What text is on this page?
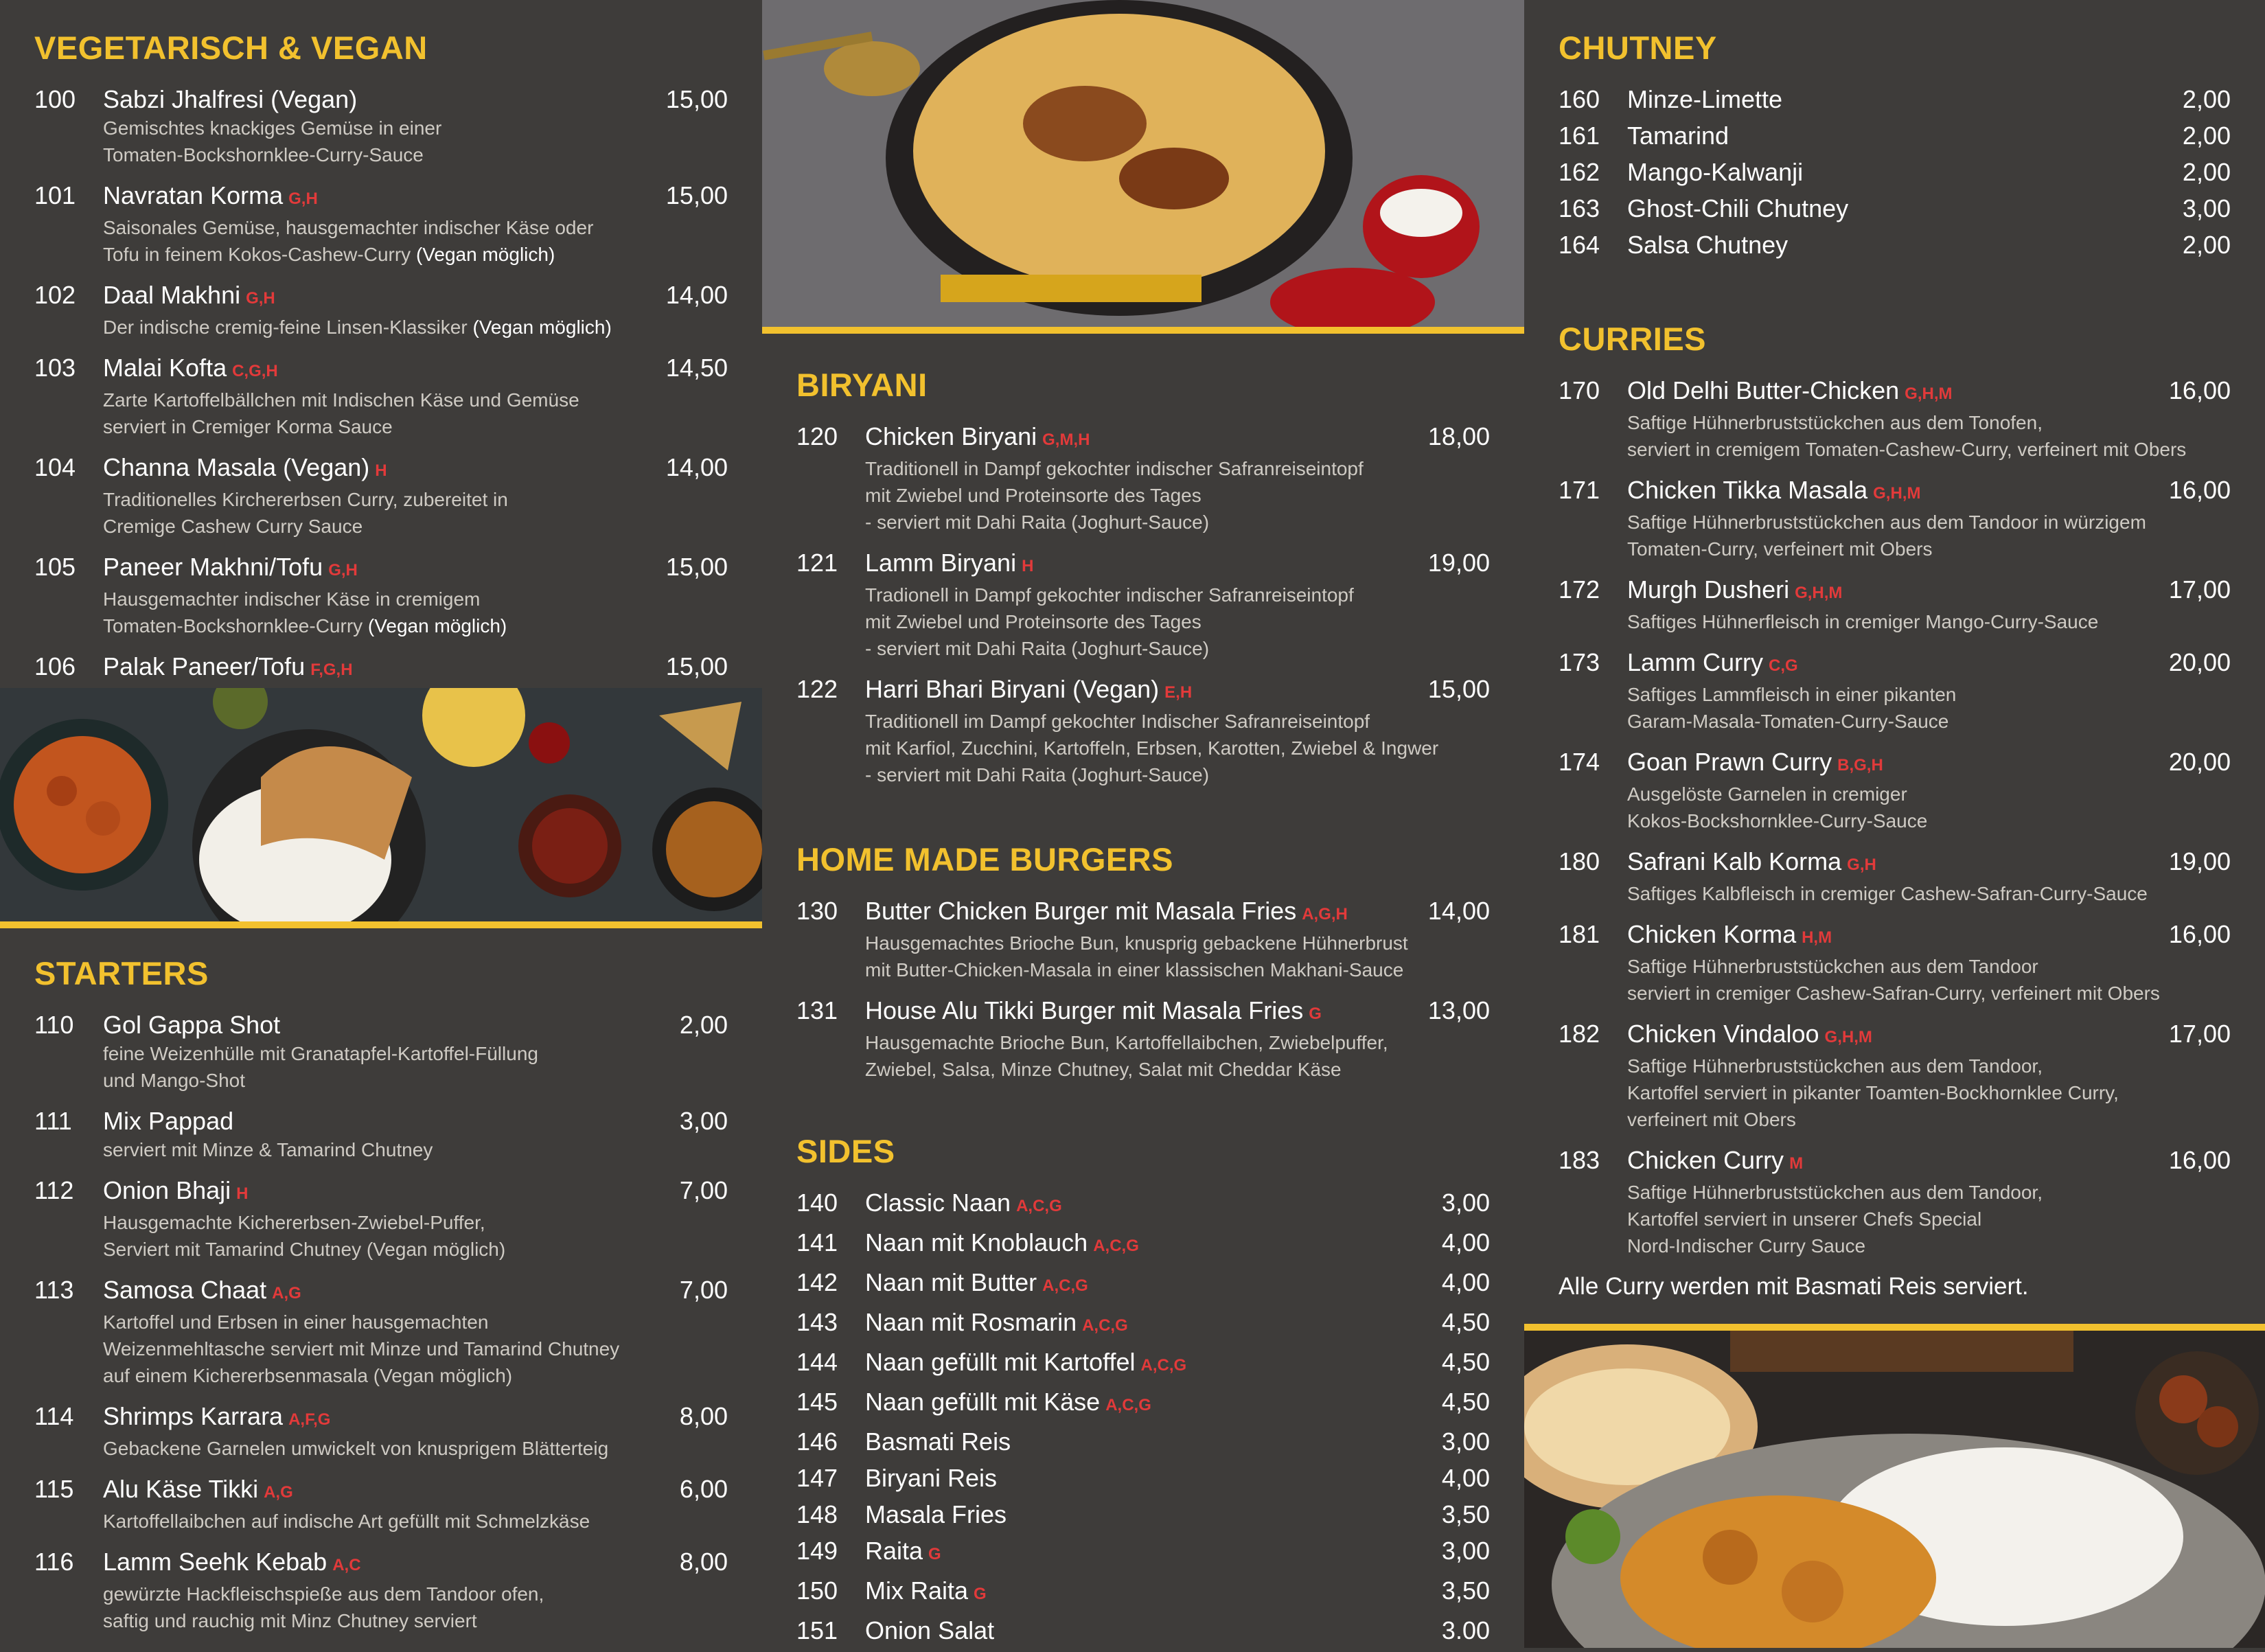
VEGETARISCH & VEGAN
100 Sabzi Jhalfresi (Vegan)	15,00
Gemischtes knackiges Gemüse in einer
Tomaten-Bockshornklee-Curry-Sauce
101 Navratan Korma G,H	15,00
Saisonales Gemüse, hausgemachter indischer Käse oder
Tofu in feinem Kokos-Cashew-Curry (Vegan möglich)
102 Daal Makhni G,H	14,00
Der indische cremig-feine Linsen-Klassiker (Vegan möglich)
103 Malai Kofta C,G,H	14,50
Zarte Kartoffelbällchen mit Indischen Käse und Gemüse
serviert in Cremiger Korma Sauce
104 Channa Masala (Vegan) H	14,00
Traditionelles Kirchererbsen Curry, zubereitet in
Cremige Cashew Curry Sauce
105 Paneer Makhni/Tofu G,H	15,00
Hausgemachter indischer Käse in cremigem
Tomaten-Bockshornklee-Curry (Vegan möglich)
106 Palak Paneer/Tofu F,G,H	15,00
STARTERS
110 Gol Gappa Shot	2,00
feine Weizenhülle mit Granatapfel-Kartoffel-Füllung
und Mango-Shot
111 Mix Pappad	3,00
serviert mit Minze & Tamarind Chutney
112 Onion Bhaji H	7,00
Hausgemachte Kichererbsen-Zwiebel-Puffer,
Serviert mit Tamarind Chutney (Vegan möglich)
113 Samosa Chaat A,G	7,00
Kartoffel und Erbsen in einer hausgemachten
Weizenmehltasche serviert mit Minze und Tamarind Chutney
auf einem Kichererbsenmasala (Vegan möglich)
114 Shrimps Karrara A,F,G	8,00
Gebackene Garnelen umwickelt von knusprigem Blätterteig
115 Alu Käse Tikki A,G	6,00
Kartoffellaibchen auf indische Art gefüllt mit Schmelzkäse
116 Lamm Seehk Kebab A,C	8,00
gewürzte Hackfleischspieße aus dem Tandoor ofen,
saftig und rauchig mit Minz Chutney serviert
BIRYANI
120 Chicken Biryani G,M,H	18,00
Traditionell in Dampf gekochter indischer Safranreiseintopf
mit Zwiebel und Proteinsorte des Tages
- serviert mit Dahi Raita (Joghurt-Sauce)
121 Lamm Biryani H	19,00
Tradionell in Dampf gekochter indischer Safranreiseintopf
mit Zwiebel und Proteinsorte des Tages
- serviert mit Dahi Raita (Joghurt-Sauce)
122 Harri Bhari Biryani (Vegan) E,H	15,00
Traditionell im Dampf gekochter Indischer Safranreiseintopf
mit Karfiol, Zucchini, Kartoffeln, Erbsen, Karotten, Zwiebel & Ingwer
- serviert mit Dahi Raita (Joghurt-Sauce)
HOME MADE BURGERS
130 Butter Chicken Burger mit Masala Fries A,G,H	14,00
Hausgemachtes Brioche Bun, knusprig gebackene Hühnerbrust
mit Butter-Chicken-Masala in einer klassischen Makhani-Sauce
131 House Alu Tikki Burger mit Masala Fries G	13,00
Hausgemachte Brioche Bun, Kartoffellaibchen, Zwiebelpuffer,
Zwiebel, Salsa, Minze Chutney, Salat mit Cheddar Käse
SIDES
140 Classic Naan A,C,G	3,00
141 Naan mit Knoblauch A,C,G	4,00
142 Naan mit Butter A,C,G	4,00
143 Naan mit Rosmarin A,C,G	4,50
144 Naan gefüllt mit Kartoffel A,C,G	4,50
145 Naan gefüllt mit Käse A,C,G	4,50
146 Basmati Reis	3,00
147 Biryani Reis	4,00
148 Masala Fries	3,50
149 Raita G	3,00
150 Mix Raita G	3,50
151 Onion Salat	3.00
CHUTNEY
160 Minze-Limette	2,00
161 Tamarind	2,00
162 Mango-Kalwanji	2,00
163 Ghost-Chili Chutney	3,00
164 Salsa Chutney	2,00
CURRIES
170 Old Delhi Butter-Chicken G,H,M	16,00
Saftige Hühnerbruststückchen aus dem Tonofen,
serviert in cremigem Tomaten-Cashew-Curry, verfeinert mit Obers
171 Chicken Tikka Masala G,H,M	16,00
Saftige Hühnerbruststückchen aus dem Tandoor in würzigem
Tomaten-Curry, verfeinert mit Obers
172 Murgh Dusheri G,H,M	17,00
Saftiges Hühnerfleisch in cremiger Mango-Curry-Sauce
173 Lamm Curry C,G	20,00
Saftiges Lammfleisch in einer pikanten
Garam-Masala-Tomaten-Curry-Sauce
174 Goan Prawn Curry B,G,H	20,00
Ausgelöste Garnelen in cremiger
Kokos-Bockshornklee-Curry-Sauce
180 Safrani Kalb Korma G,H	19,00
Saftiges Kalbfleisch in cremiger Cashew-Safran-Curry-Sauce
181 Chicken Korma H,M	16,00
Saftige Hühnerbruststückchen aus dem Tandoor
serviert in cremiger Cashew-Safran-Curry, verfeinert mit Obers
182 Chicken Vindaloo G,H,M	17,00
Saftige Hühnerbruststückchen aus dem Tandoor,
Kartoffel serviert in pikanter Toamten-Bockhornklee Curry,
verfeinert mit Obers
183 Chicken Curry M	16,00
Saftige Hühnerbruststückchen aus dem Tandoor,
Kartoffel serviert in unserer Chefs Special
Nord-Indischer Curry Sauce
Alle Curry werden mit Basmati Reis serviert.
